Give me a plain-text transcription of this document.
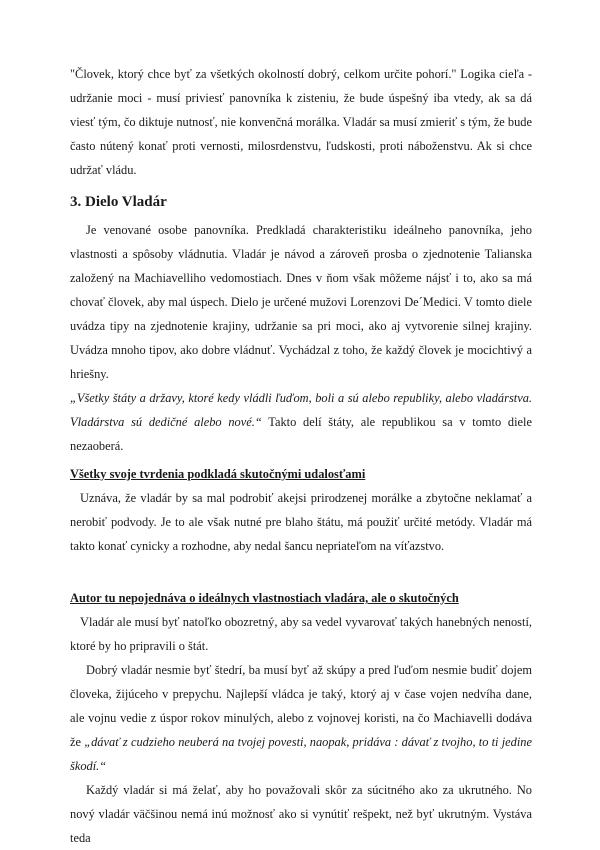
"Človek, ktorý chce byť za všetkých okolností dobrý, celkom určite pohorí." Logika cieľa - udržanie moci - musí priviesť panovníka k zisteniu, že bude úspešný iba vtedy, ak sa dá viesť tým, čo diktuje nutnosť, nie konvenčná morálka. Vladár sa musí zmieriť s tým, že bude často nútený konať proti vernosti, milosrdenstvu, ľudskosti, proti náboženstvu. Ak si chce udržať vládu.

3. Dielo Vladár

Je venované osobe panovníka. Predkladá charakteristiku ideálneho panovníka, jeho vlastnosti a spôsoby vládnutia. Vladár je návod a zároveň prosba o zjednotenie Talianska založený na Machiavelliho vedomostiach. Dnes v ňom však môžeme nájsť i to, ako sa má chovať človek, aby mal úspech. Dielo je určené mužovi Lorenzovi De´Medici. V tomto diele uvádza tipy na zjednotenie krajiny, udržanie sa pri moci, ako aj vytvorenie silnej krajiny. Uvádza mnoho tipov, ako dobre vládnuť. Vychádzal z toho, že každý človek je mocichtivý a hriešny.

„Všetky štáty a državy, ktoré kedy vládli ľuďom, boli a sú alebo republiky, alebo vladárstva. Vladárstva sú dedičné alebo nové.“ Takto delí štáty, ale republikou sa v tomto diele nezaoberá.

Všetky svoje tvrdenia podkladá skutočnými udalosťami

Uznáva, že vladár by sa mal podrobiť akejsi prirodzenej morálke a zbytočne neklamať a nerobiť podvody. Je to ale však nutné pre blaho štátu, má použiť určité metódy. Vladár má takto konať cynicky a rozhodne, aby nedal šancu nepriateľom na víťazstvo.

Autor tu nepojednáva o ideálnych vlastnostiach vladára, ale o skutočných

Vladár ale musí byť natoľko obozretný, aby sa vedel vyvarovať takých hanebných neností, ktoré by ho pripravili o štát.

Dobrý vladár nesmie byť štedrí, ba musí byť až skúpy a pred ľuďom nesmie budiť dojem človeka, žijúceho v prepychu. Najlepší vládca je taký, ktorý aj v čase vojen nedvíha dane, ale vojnu vedie z úspor rokov minulých, alebo z vojnovej koristi, na čo Machiavelli dodáva že „dávať z cudzieho neuberá na tvojej povesti, naopak, pridáva : dávať z tvojho, to ti jedine škodí.“

Každý vladár si má želať, aby ho považovali skôr za súcitného ako za ukrutného. No nový vladár väčšinou nemá inú možnosť ako si vynútiť rešpekt, než byť ukrutným. Vystáva teda
